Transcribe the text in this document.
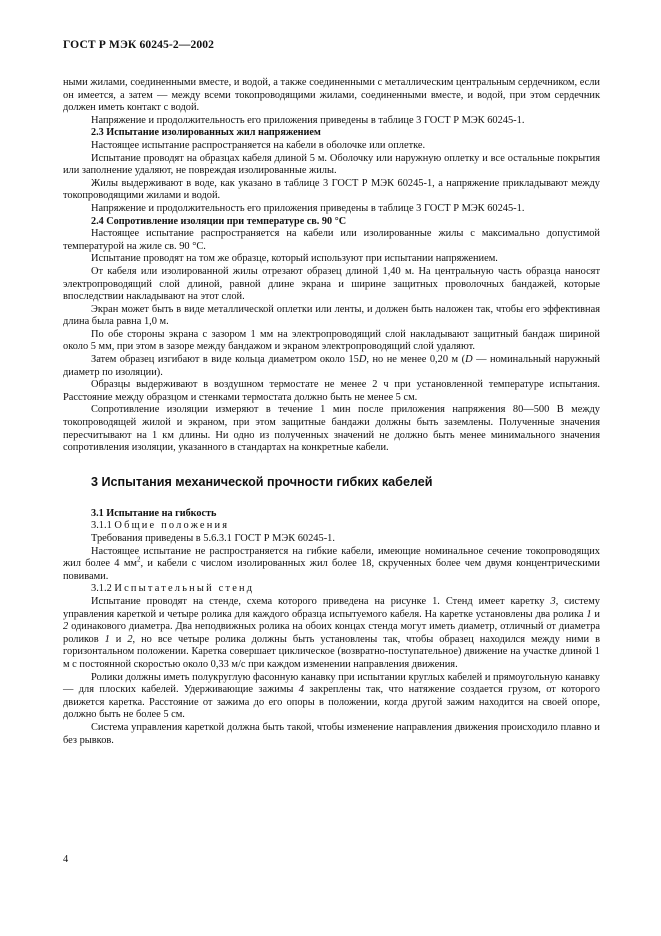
ГОСТ Р МЭК 60245-2—2002

ными жилами, соединенными вместе, и водой, а также соединенными с металлическим центральным сердечником, если он имеется, а затем — между всеми токопроводящими жилами, соединенными вместе, и водой, при этом сердечник должен иметь контакт с водой.

Напряжение и продолжительность его приложения приведены в таблице 3 ГОСТ Р МЭК 60245-1.

2.3 Испытание изолированных жил напряжением

Настоящее испытание распространяется на кабели в оболочке или оплетке.

Испытание проводят на образцах кабеля длиной 5 м. Оболочку или наружную оплетку и все остальные покрытия или заполнение удаляют, не повреждая изолированные жилы.

Жилы выдерживают в воде, как указано в таблице 3 ГОСТ Р МЭК 60245-1, а напряжение прикладывают между токопроводящими жилами и водой.

Напряжение и продолжительность его приложения приведены в таблице 3 ГОСТ Р МЭК 60245-1.

2.4 Сопротивление изоляции при температуре св. 90 °C

Настоящее испытание распространяется на кабели или изолированные жилы с максимально допустимой температурой на жиле св. 90 °C.

Испытание проводят на том же образце, который используют при испытании напряжением.

От кабеля или изолированной жилы отрезают образец длиной 1,40 м. На центральную часть образца наносят электропроводящий слой длиной, равной длине экрана и ширине защитных проволочных бандажей, которые впоследствии накладывают на этот слой.

Экран может быть в виде металлической оплетки или ленты, и должен быть наложен так, чтобы его эффективная длина была равна 1,0 м.

По обе стороны экрана с зазором 1 мм на электропроводящий слой накладывают защитный бандаж шириной около 5 мм, при этом в зазоре между бандажом и экраном электропроводящий слой удаляют.

Затем образец изгибают в виде кольца диаметром около 15D, но не менее 0,20 м (D — номинальный наружный диаметр по изоляции).

Образцы выдерживают в воздушном термостате не менее 2 ч при установленной температуре испытания. Расстояние между образцом и стенками термостата должно быть не менее 5 см.

Сопротивление изоляции измеряют в течение 1 мин после приложения напряжения 80—500 В между токопроводящей жилой и экраном, при этом защитные бандажи должны быть заземлены. Полученные значения пересчитывают на 1 км длины. Ни одно из полученных значений не должно быть менее минимального значения сопротивления изоляции, указанного в стандартах на конкретные кабели.

3 Испытания механической прочности гибких кабелей

3.1 Испытание на гибкость

3.1.1 Общие положения

Требования приведены в 5.6.3.1 ГОСТ Р МЭК 60245-1.

Настоящее испытание не распространяется на гибкие кабели, имеющие номинальное сечение токопроводящих жил более 4 $мм^2$, и кабели с числом изолированных жил более 18, скрученных более чем двумя концентрическими повивами.

3.1.2 Испытательный стенд

Испытание проводят на стенде, схема которого приведена на рисунке 1. Стенд имеет каретку 3, систему управления кареткой и четыре ролика для каждого образца испытуемого кабеля. На каретке установлены два ролика 1 и 2 одинакового диаметра. Два неподвижных ролика на обоих концах стенда могут иметь диаметр, отличный от диаметра роликов 1 и 2, но все четыре ролика должны быть установлены так, чтобы образец находился между ними в горизонтальном положении. Каретка совершает циклическое (возвратно-поступательное) движение на участке длиной 1 м с постоянной скоростью около 0,33 м/с при каждом изменении направления движения.

Ролики должны иметь полукруглую фасонную канавку при испытании круглых кабелей и прямоугольную канавку — для плоских кабелей. Удерживающие зажимы 4 закреплены так, что натяжение создается грузом, от которого движется каретка. Расстояние от зажима до его опоры в положении, когда другой зажим находится на своей опоре, должно быть не более 5 см.

Система управления кареткой должна быть такой, чтобы изменение направления движения происходило плавно и без рывков.

4
